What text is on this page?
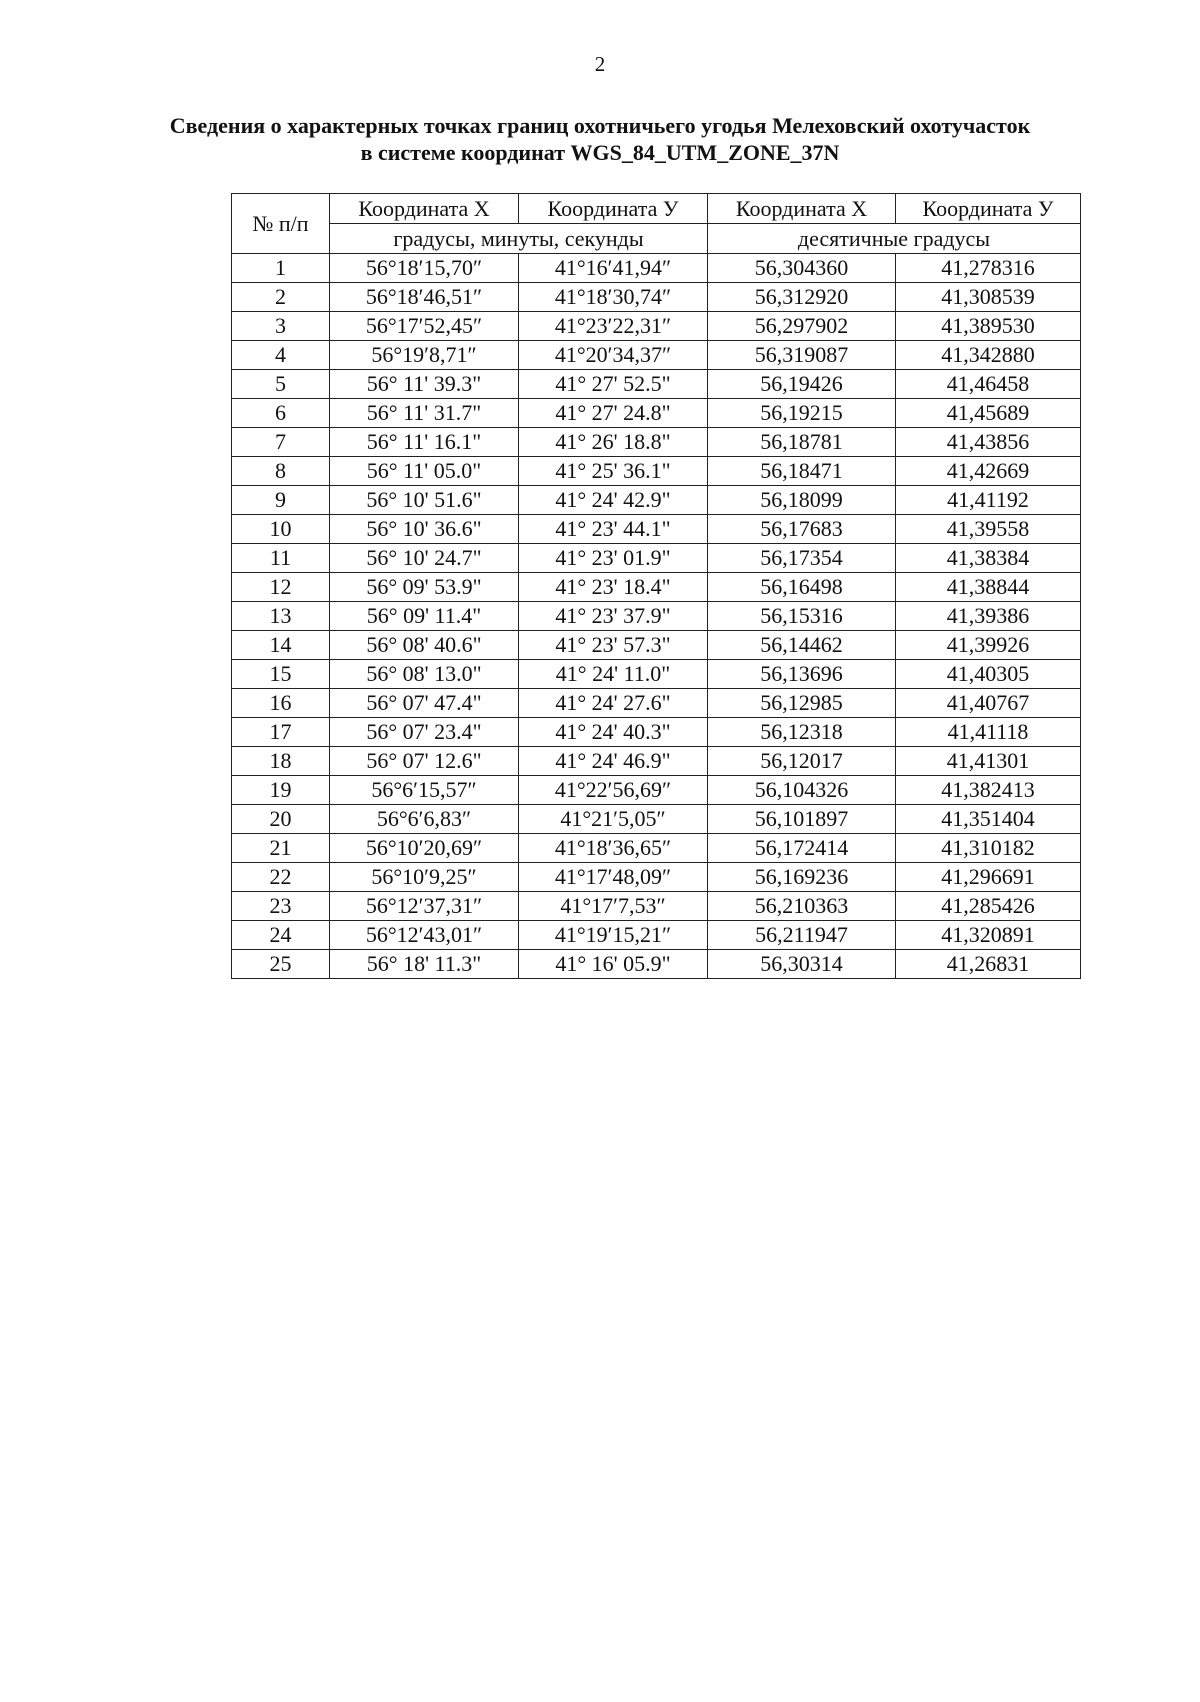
2
Сведения о характерных точках границ охотничьего угодья Мелеховский охотучасток
в системе координат WGS_84_UTM_ZONE_37N
№ п/п	Координата Х	Координата У	Координата Х	Координата У
	градусы, минуты, секунды		десятичные градусы	
1	56°18′15,70″	41°16′41,94″	56,304360	41,278316
2	56°18′46,51″	41°18′30,74″	56,312920	41,308539
3	56°17′52,45″	41°23′22,31″	56,297902	41,389530
4	56°19′8,71″	41°20′34,37″	56,319087	41,342880
5	56° 11' 39.3"	41° 27' 52.5"	56,19426	41,46458
6	56° 11' 31.7"	41° 27' 24.8"	56,19215	41,45689
7	56° 11' 16.1"	41° 26' 18.8"	56,18781	41,43856
8	56° 11' 05.0"	41° 25' 36.1"	56,18471	41,42669
9	56° 10' 51.6"	41° 24' 42.9"	56,18099	41,41192
10	56° 10' 36.6"	41° 23' 44.1"	56,17683	41,39558
11	56° 10' 24.7"	41° 23' 01.9"	56,17354	41,38384
12	56° 09' 53.9"	41° 23' 18.4"	56,16498	41,38844
13	56° 09' 11.4"	41° 23' 37.9"	56,15316	41,39386
14	56° 08' 40.6"	41° 23' 57.3"	56,14462	41,39926
15	56° 08' 13.0"	41° 24' 11.0"	56,13696	41,40305
16	56° 07' 47.4"	41° 24' 27.6"	56,12985	41,40767
17	56° 07' 23.4"	41° 24' 40.3"	56,12318	41,41118
18	56° 07' 12.6"	41° 24' 46.9"	56,12017	41,41301
19	56°6′15,57″	41°22′56,69″	56,104326	41,382413
20	56°6′6,83″	41°21′5,05″	56,101897	41,351404
21	56°10′20,69″	41°18′36,65″	56,172414	41,310182
22	56°10′9,25″	41°17′48,09″	56,169236	41,296691
23	56°12′37,31″	41°17′7,53″	56,210363	41,285426
24	56°12′43,01″	41°19′15,21″	56,211947	41,320891
25	56° 18' 11.3"	41° 16' 05.9"	56,30314	41,26831
